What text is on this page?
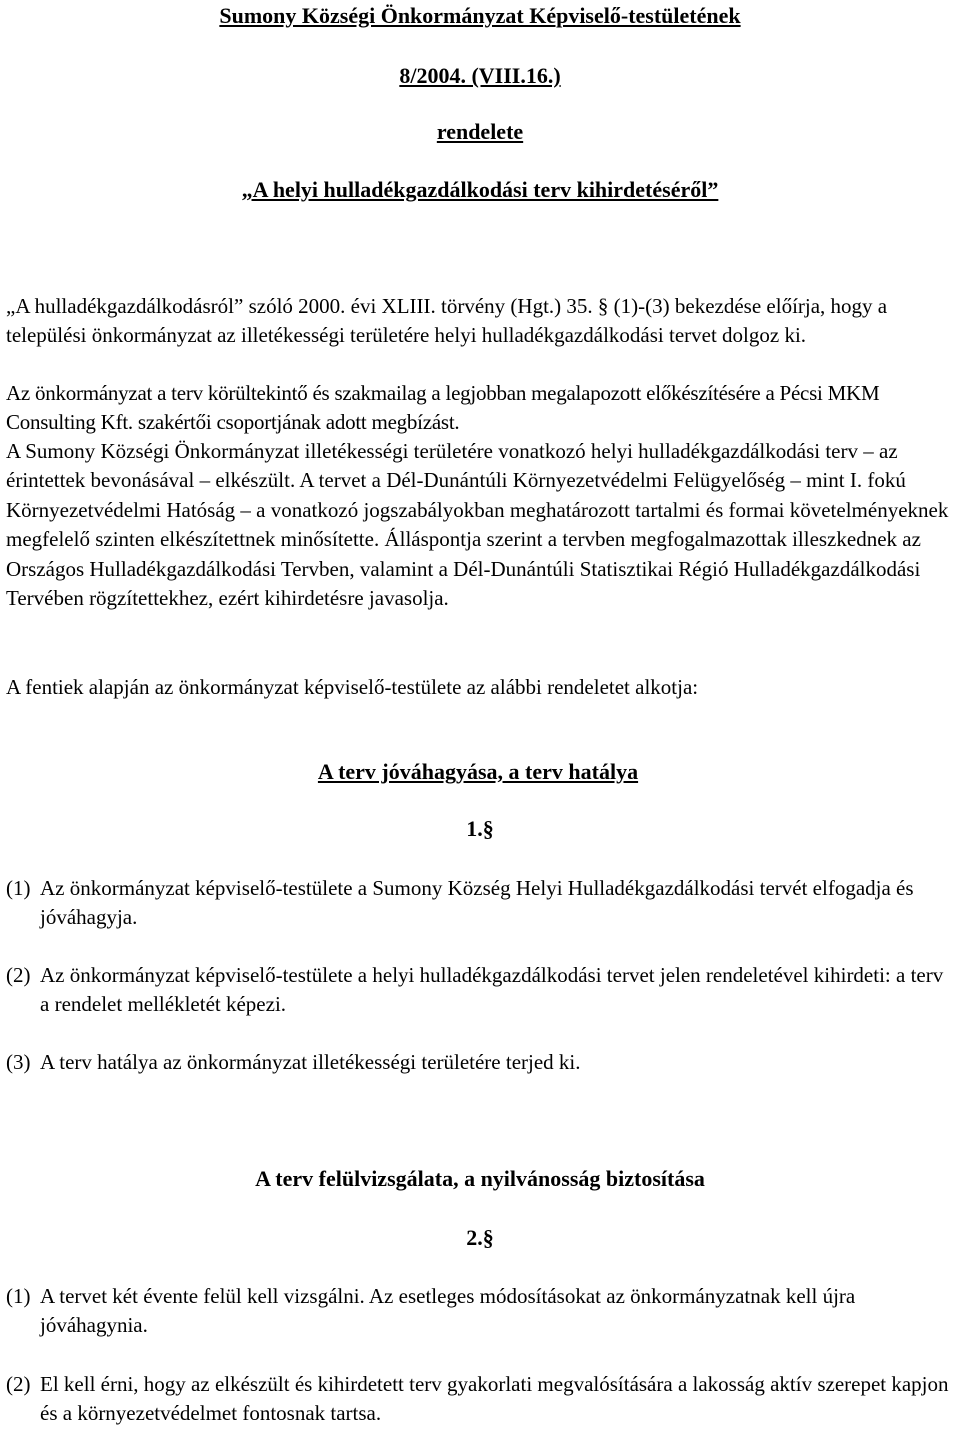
Sumony Községi Önkormányzat Képviselő-testületének
8/2004. (VIII.16.)
rendelete
„A helyi hulladékgazdálkodási terv kihirdetéséről”

„A hulladékgazdálkodásról” szóló 2000. évi XLIII. törvény (Hgt.) 35. § (1)-(3) bekezdése előírja, hogy a települési önkormányzat az illetékességi területére helyi hulladékgazdálkodási tervet dolgoz ki.

Az önkormányzat a terv körültekintő és szakmailag a legjobban megalapozott előkészítésére a Pécsi MKM Consulting Kft. szakértői csoportjának adott megbízást.

A Sumony Községi Önkormányzat illetékességi területére vonatkozó helyi hulladékgazdálkodási terv – az érintettek bevonásával – elkészült. A tervet a Dél-Dunántúli Környezetvédelmi Felügyelőség – mint I. fokú Környezetvédelmi Hatóság – a vonatkozó jogszabályokban meghatározott tartalmi és formai követelményeknek megfelelő szinten elkészítettnek minősítette. Álláspontja szerint a tervben megfogalmazottak illeszkednek az Országos Hulladékgazdálkodási Tervben, valamint a Dél-Dunántúli Statisztikai Régió Hulladékgazdálkodási Tervében rögzítettekhez, ezért kihirdetésre javasolja.

A fentiek alapján az önkormányzat képviselő-testülete az alábbi rendeletet alkotja:

A terv jóváhagyása, a terv hatálya
1.§
(1) Az önkormányzat képviselő-testülete a Sumony Község Helyi Hulladékgazdálkodási tervét elfogadja és jóváhagyja.
(2) Az önkormányzat képviselő-testülete a helyi hulladékgazdálkodási tervet jelen rendeletével kihirdeti: a terv a rendelet mellékletét képezi.
(3) A terv hatálya az önkormányzat illetékességi területére terjed ki.
A terv felülvizsgálata, a nyilvánosság biztosítása
2.§
(1) A tervet két évente felül kell vizsgálni. Az esetleges módosításokat az önkormányzatnak kell újra jóváhagynia.
(2) El kell érni, hogy az elkészült és kihirdetett terv gyakorlati megvalósítására a lakosság aktív szerepet kapjon és a környezetvédelmet fontosnak tartsa.
